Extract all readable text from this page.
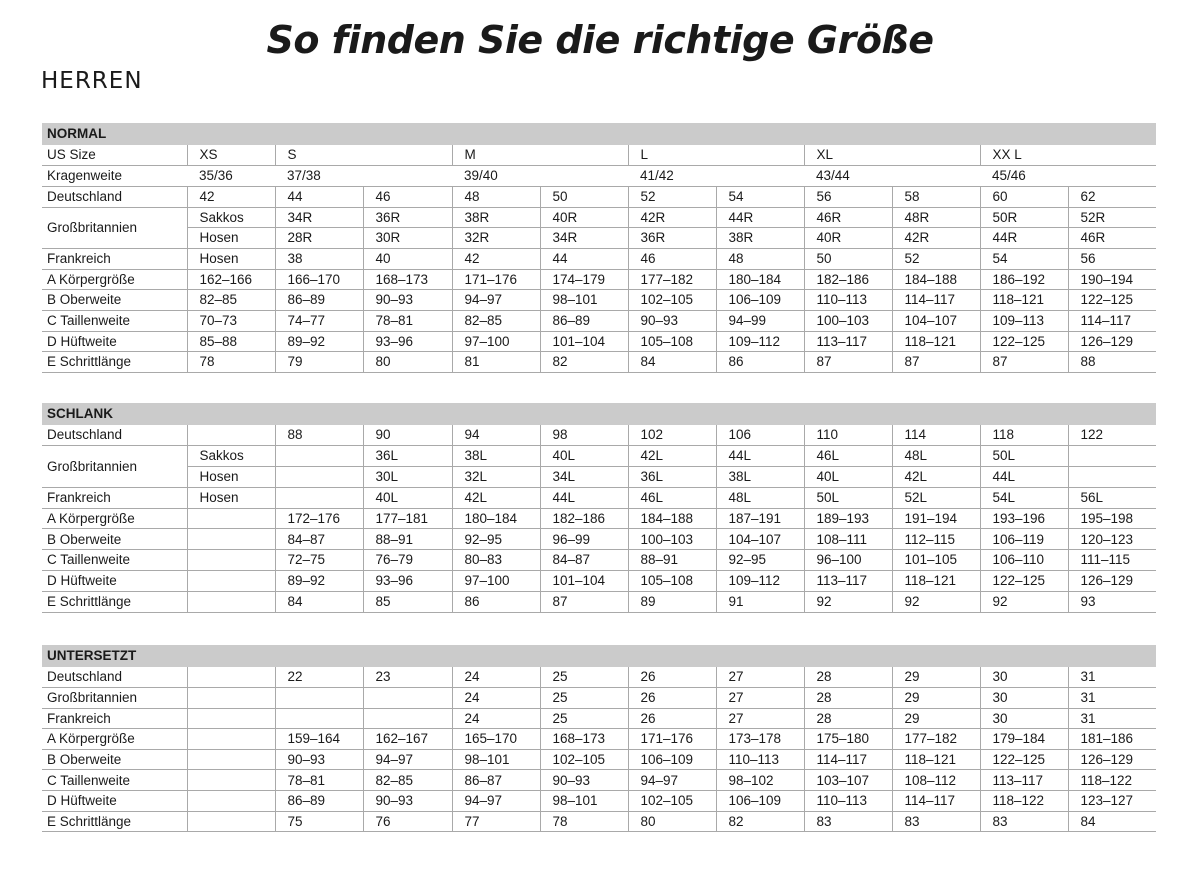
So finden Sie die richtige Größe
HERREN
NORMAL											
US Size	XS	S		M		L		XL		XX L	
Kragenweite	35/36	37/38		39/40		41/42		43/44		45/46	
Deutschland	42	44	46	48	50	52	54	56	58	60	62
Großbritannien	Sakkos	34R	36R	38R	40R	42R	44R	46R	48R	50R	52R
	Hosen	28R	30R	32R	34R	36R	38R	40R	42R	44R	46R
Frankreich	Hosen	38	40	42	44	46	48	50	52	54	56
A Körpergröße	162–166	166–170	168–173	171–176	174–179	177–182	180–184	182–186	184–188	186–192	190–194
B Oberweite	82–85	86–89	90–93	94–97	98–101	102–105	106–109	110–113	114–117	118–121	122–125
C Taillenweite	70–73	74–77	78–81	82–85	86–89	90–93	94–99	100–103	104–107	109–113	114–117
D Hüftweite	85–88	89–92	93–96	97–100	101–104	105–108	109–112	113–117	118–121	122–125	126–129
E Schrittlänge	78	79	80	81	82	84	86	87	87	87	88
SCHLANK											
Deutschland		88	90	94	98	102	106	110	114	118	122
Großbritannien	Sakkos		36L	38L	40L	42L	44L	46L	48L	50L	
	Hosen		30L	32L	34L	36L	38L	40L	42L	44L	
Frankreich	Hosen		40L	42L	44L	46L	48L	50L	52L	54L	56L
A Körpergröße		172–176	177–181	180–184	182–186	184–188	187–191	189–193	191–194	193–196	195–198
B Oberweite		84–87	88–91	92–95	96–99	100–103	104–107	108–111	112–115	106–119	120–123
C Taillenweite		72–75	76–79	80–83	84–87	88–91	92–95	96–100	101–105	106–110	111–115
D Hüftweite		89–92	93–96	97–100	101–104	105–108	109–112	113–117	118–121	122–125	126–129
E Schrittlänge		84	85	86	87	89	91	92	92	92	93
UNTERSETZT											
Deutschland		22	23	24	25	26	27	28	29	30	31
Großbritannien				24	25	26	27	28	29	30	31
Frankreich				24	25	26	27	28	29	30	31
A Körpergröße		159–164	162–167	165–170	168–173	171–176	173–178	175–180	177–182	179–184	181–186
B Oberweite		90–93	94–97	98–101	102–105	106–109	110–113	114–117	118–121	122–125	126–129
C Taillenweite		78–81	82–85	86–87	90–93	94–97	98–102	103–107	108–112	113–117	118–122
D Hüftweite		86–89	90–93	94–97	98–101	102–105	106–109	110–113	114–117	118–122	123–127
E Schrittlänge		75	76	77	78	80	82	83	83	83	84
